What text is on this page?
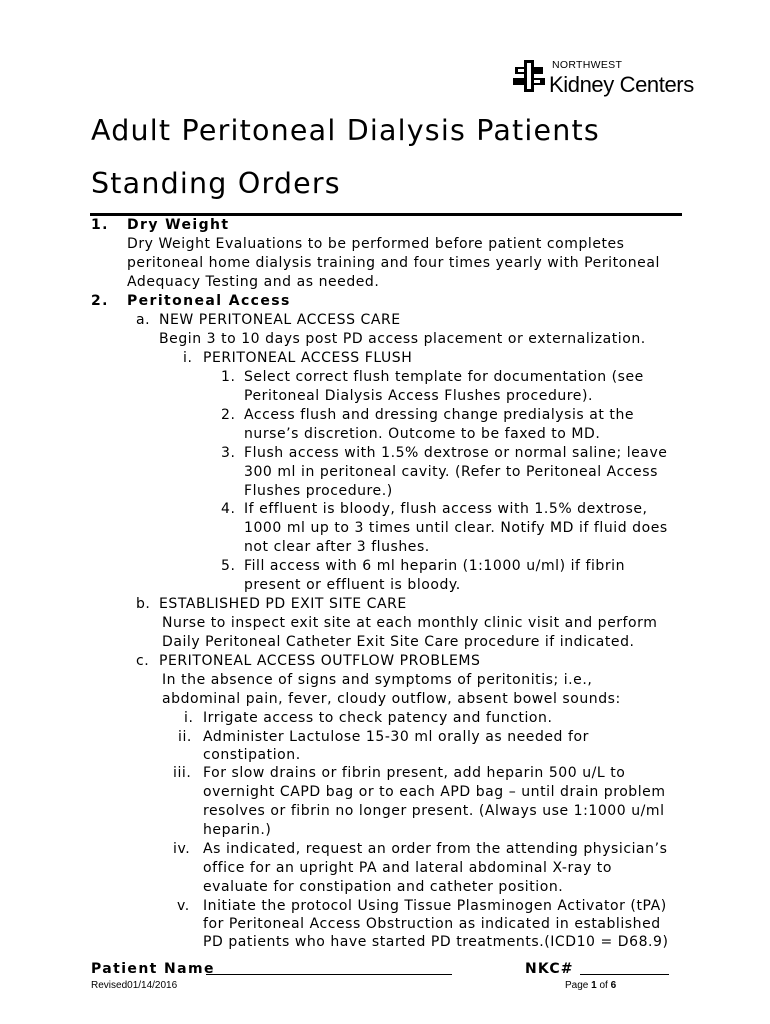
NORTHWEST
Kidney Centers
Adult Peritoneal Dialysis Patients
Standing Orders
1. Dry Weight
Dry Weight Evaluations to be performed before patient completes
peritoneal home dialysis training and four times yearly with Peritoneal
Adequacy Testing and as needed.
2. Peritoneal Access
a. NEW PERITONEAL ACCESS CARE
Begin 3 to 10 days post PD access placement or externalization.
i. PERITONEAL ACCESS FLUSH
1. Select correct flush template for documentation (see
Peritoneal Dialysis Access Flushes procedure).
2. Access flush and dressing change predialysis at the
nurse’s discretion. Outcome to be faxed to MD.
3. Flush access with 1.5% dextrose or normal saline; leave
300 ml in peritoneal cavity. (Refer to Peritoneal Access
Flushes procedure.)
4. If effluent is bloody, flush access with 1.5% dextrose,
1000 ml up to 3 times until clear. Notify MD if fluid does
not clear after 3 flushes.
5. Fill access with 6 ml heparin (1:1000 u/ml) if fibrin
present or effluent is bloody.
b. ESTABLISHED PD EXIT SITE CARE
Nurse to inspect exit site at each monthly clinic visit and perform
Daily Peritoneal Catheter Exit Site Care procedure if indicated.
c. PERITONEAL ACCESS OUTFLOW PROBLEMS
In the absence of signs and symptoms of peritonitis; i.e.,
abdominal pain, fever, cloudy outflow, absent bowel sounds:
i. Irrigate access to check patency and function.
ii. Administer Lactulose 15-30 ml orally as needed for
constipation.
iii. For slow drains or fibrin present, add heparin 500 u/L to
overnight CAPD bag or to each APD bag – until drain problem
resolves or fibrin no longer present. (Always use 1:1000 u/ml
heparin.)
iv. As indicated, request an order from the attending physician’s
office for an upright PA and lateral abdominal X-ray to
evaluate for constipation and catheter position.
v. Initiate the protocol Using Tissue Plasminogen Activator (tPA)
for Peritoneal Access Obstruction as indicated in established
PD patients who have started PD treatments.(ICD10 = D68.9)
Patient Name	NKC#
Revised01/14/2016	Page 1 of 6
